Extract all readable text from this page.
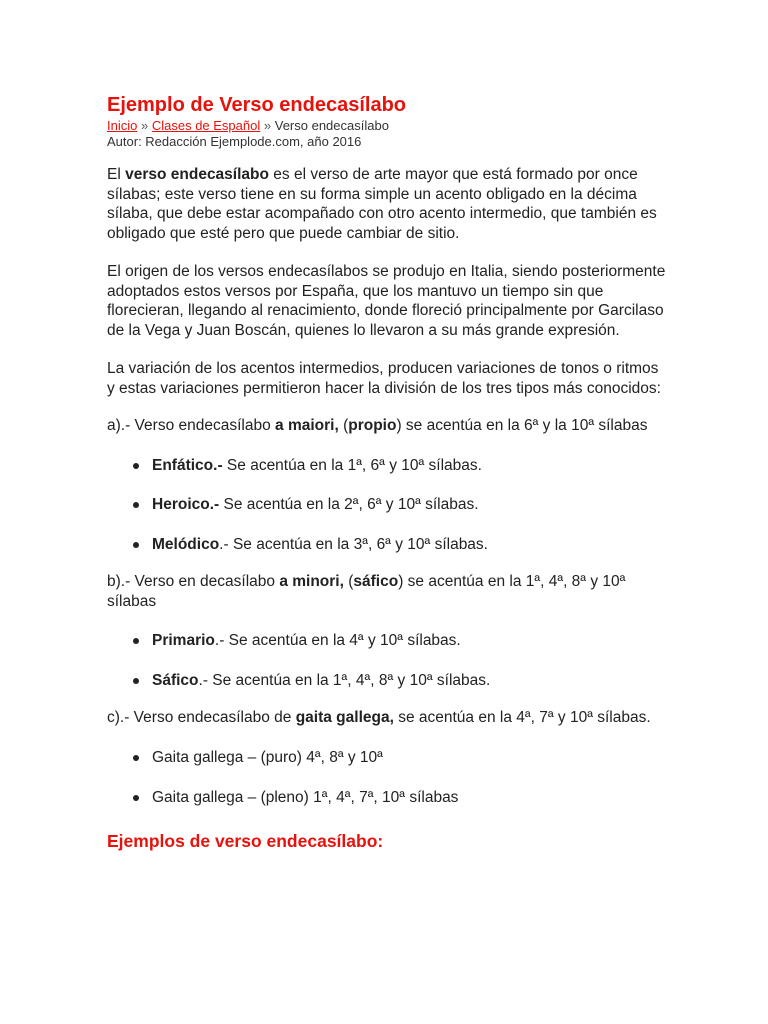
Ejemplo de Verso endecasílabo
Inicio » Clases de Español » Verso endecasílabo
Autor: Redacción Ejemplode.com, año 2016

El verso endecasílabo es el verso de arte mayor que está formado por once sílabas; este verso tiene en su forma simple un acento obligado en la décima sílaba, que debe estar acompañado con otro acento intermedio, que también es obligado que esté pero que puede cambiar de sitio.

El origen de los versos endecasílabos se produjo en Italia, siendo posteriormente adoptados estos versos por España, que los mantuvo un tiempo sin que florecieran, llegando al renacimiento, donde floreció principalmente por Garcilaso de la Vega y Juan Boscán, quienes lo llevaron a su más grande expresión.

La variación de los acentos intermedios, producen variaciones de tonos o ritmos y estas variaciones permitieron hacer la división de los tres tipos más conocidos:

a).- Verso endecasílabo a maiori, (propio) se acentúa en la 6ª y la 10ª sílabas

Enfático.- Se acentúa en la 1ª, 6ª y 10ª sílabas.
Heroico.- Se acentúa en la 2ª, 6ª y 10ª sílabas.
Melódico.- Se acentúa en la 3ª, 6ª y 10ª sílabas.

b).- Verso en decasílabo a minori, (sáfico) se acentúa en la 1ª, 4ª, 8ª y 10ª sílabas

Primario.- Se acentúa en la 4ª y 10ª sílabas.
Sáfico.- Se acentúa en la 1ª, 4ª, 8ª y 10ª sílabas.

c).- Verso endecasílabo de gaita gallega, se acentúa en la 4ª, 7ª y 10ª sílabas.

Gaita gallega – (puro) 4ª, 8ª y 10ª
Gaita gallega – (pleno) 1ª, 4ª, 7ª, 10ª sílabas
Ejemplos de verso endecasílabo:
